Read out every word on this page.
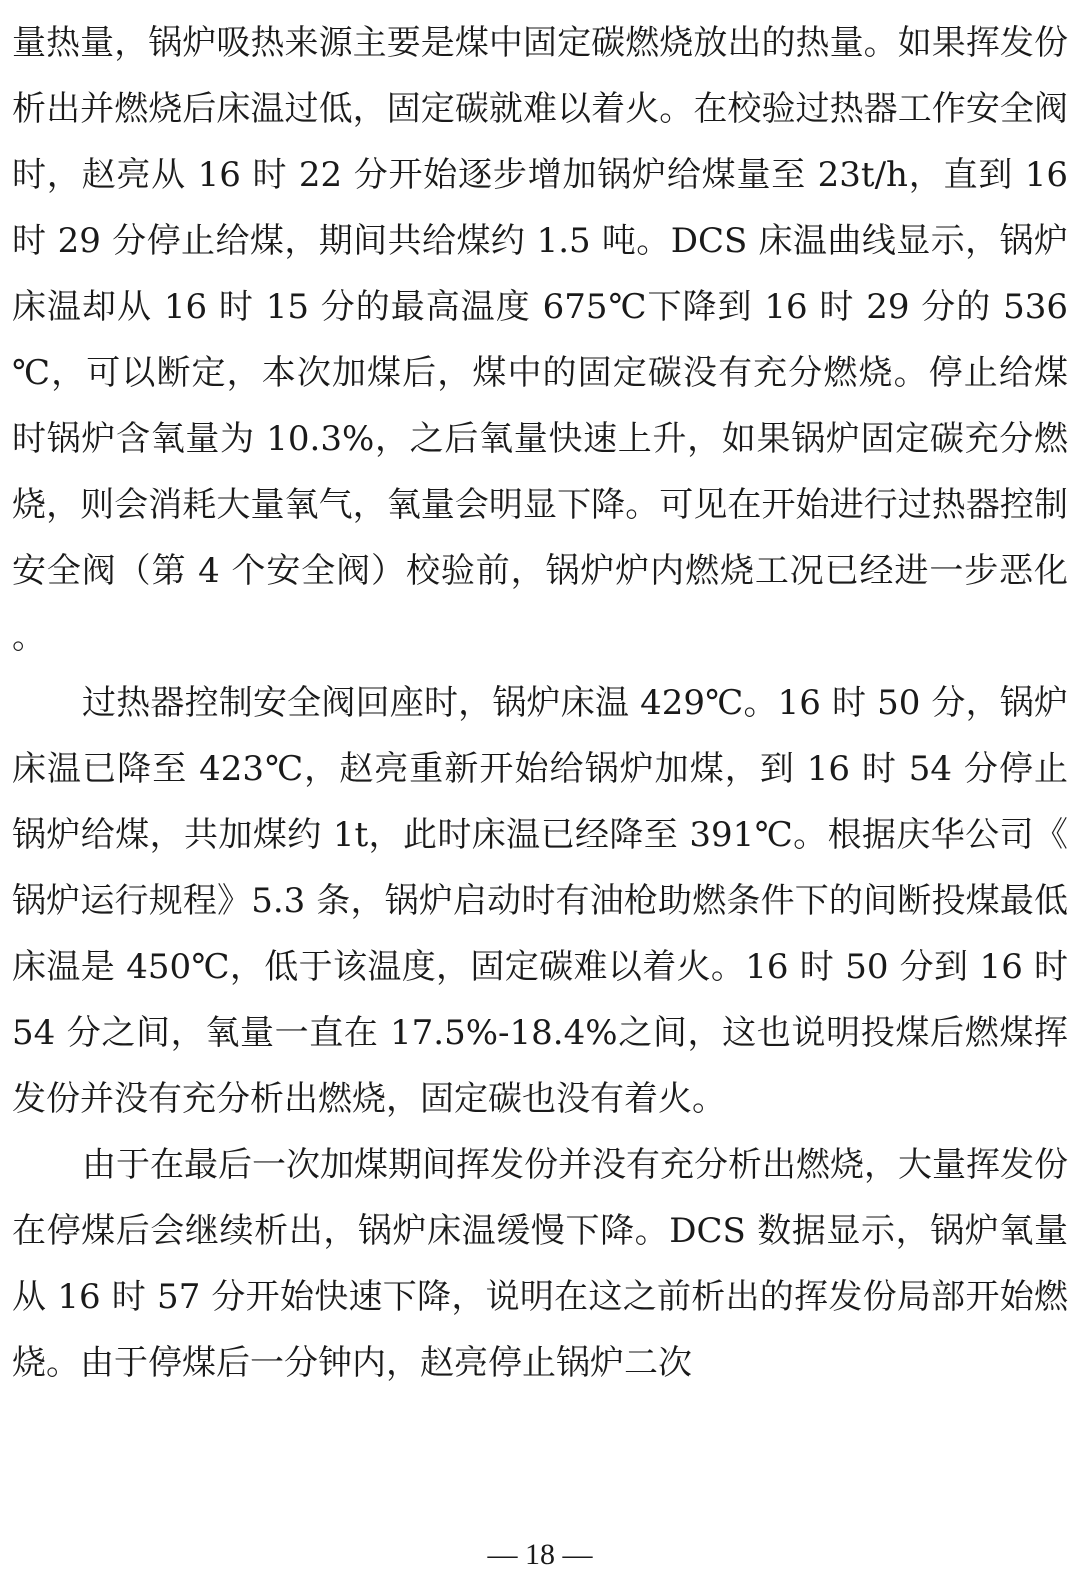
量热量，锅炉吸热来源主要是煤中固定碳燃烧放出的热量。如果挥发份析出并燃烧后床温过低，固定碳就难以着火。在校验过热器工作安全阀时，赵亮从 16 时 22 分开始逐步增加锅炉给煤量至 23t/h，直到 16 时 29 分停止给煤，期间共给煤约 1.5 吨。DCS 床温曲线显示，锅炉床温却从 16 时 15 分的最高温度 675℃下降到 16 时 29 分的 536℃，可以断定，本次加煤后，煤中的固定碳没有充分燃烧。停止给煤时锅炉含氧量为 10.3%，之后氧量快速上升，如果锅炉固定碳充分燃烧，则会消耗大量氧气，氧量会明显下降。可见在开始进行过热器控制安全阀（第 4 个安全阀）校验前，锅炉炉内燃烧工况已经进一步恶化。

过热器控制安全阀回座时，锅炉床温 429℃。16 时 50 分，锅炉床温已降至 423℃，赵亮重新开始给锅炉加煤，到 16 时 54 分停止锅炉给煤，共加煤约 1t，此时床温已经降至 391℃。根据庆华公司《锅炉运行规程》5.3 条，锅炉启动时有油枪助燃条件下的间断投煤最低床温是 450℃，低于该温度，固定碳难以着火。16 时 50 分到 16 时 54 分之间，氧量一直在 17.5%-18.4%之间，这也说明投煤后燃煤挥发份并没有充分析出燃烧，固定碳也没有着火。

由于在最后一次加煤期间挥发份并没有充分析出燃烧，大量挥发份在停煤后会继续析出，锅炉床温缓慢下降。DCS 数据显示，锅炉氧量从 16 时 57 分开始快速下降，说明在这之前析出的挥发份局部开始燃烧。由于停煤后一分钟内，赵亮停止锅炉二次

— 18 —
